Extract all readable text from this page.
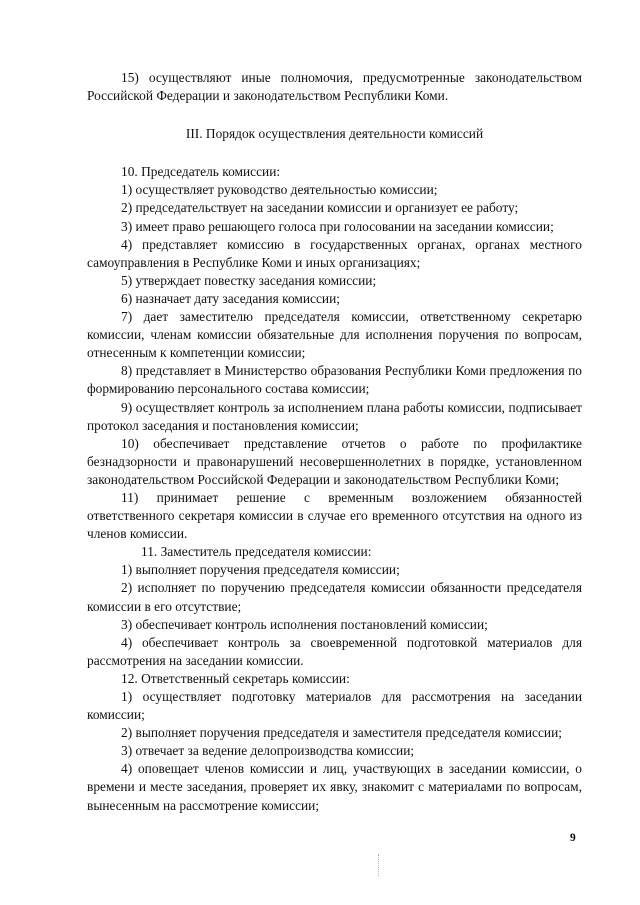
15) осуществляют иные полномочия, предусмотренные законодательством Российской Федерации и законодательством Республики Коми.

III. Порядок осуществления деятельности комиссий

10. Председатель комиссии:

1) осуществляет руководство деятельностью комиссии;

2) председательствует на заседании комиссии и организует ее работу;

3) имеет право решающего голоса при голосовании на заседании комиссии;

4) представляет комиссию в государственных органах, органах местного самоуправления в Республике Коми и иных организациях;

5) утверждает повестку заседания комиссии;

6) назначает дату заседания комиссии;

7) дает заместителю председателя комиссии, ответственному секретарю комиссии, членам комиссии обязательные для исполнения поручения по вопросам, отнесенным к компетенции комиссии;

8) представляет в Министерство образования Республики Коми предложения по формированию персонального состава комиссии;

9) осуществляет контроль за исполнением плана работы комиссии, подписывает протокол заседания и постановления комиссии;

10) обеспечивает представление отчетов о работе по профилактике безнадзорности и правонарушений несовершеннолетних в порядке, установленном законодательством Российской Федерации и законодательством Республики Коми;

11) принимает решение с временным возложением обязанностей ответственного секретаря комиссии в случае его временного отсутствия на одного из членов комиссии.

11. Заместитель председателя комиссии:

1) выполняет поручения председателя комиссии;

2) исполняет по поручению председателя комиссии обязанности председателя комиссии в его отсутствие;

3) обеспечивает контроль исполнения постановлений комиссии;

4) обеспечивает контроль за своевременной подготовкой материалов для рассмотрения на заседании комиссии.

12. Ответственный секретарь комиссии:

1) осуществляет подготовку материалов для рассмотрения на заседании комиссии;

2) выполняет поручения председателя и заместителя председателя комиссии;

3) отвечает за ведение делопроизводства комиссии;

4) оповещает членов комиссии и лиц, участвующих в заседании комиссии, о времени и месте заседания, проверяет их явку, знакомит с материалами по вопросам, вынесенным на рассмотрение комиссии;

9
